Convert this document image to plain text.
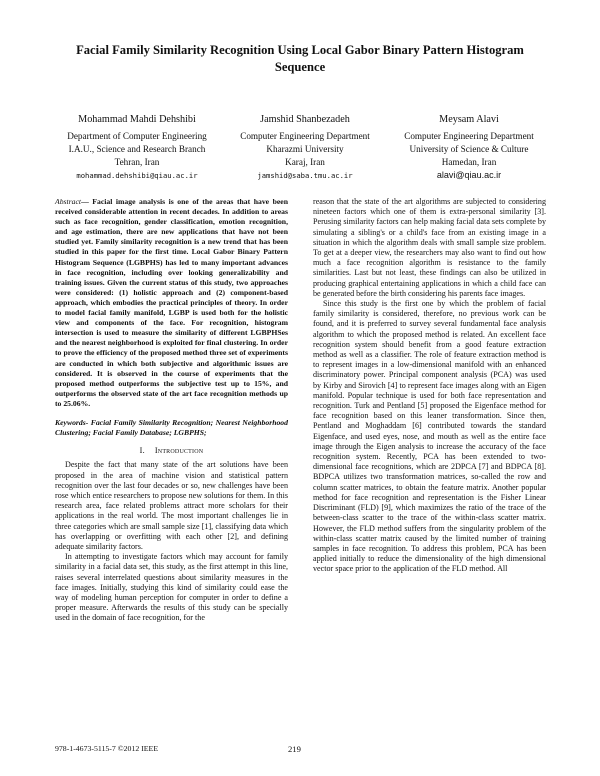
Facial Family Similarity Recognition Using Local Gabor Binary Pattern Histogram
Sequence
Mohammad Mahdi Dehshibi
Department of Computer Engineering
I.A.U., Science and Research Branch
Tehran, Iran
mohammad.dehshibi@qiau.ac.ir
Jamshid Shanbezadeh
Computer Engineering Department
Kharazmi University
Karaj, Iran
jamshid@saba.tmu.ac.ir
Meysam Alavi
Computer Engineering Department
University of Science & Culture
Hamedan, Iran
alavi@qiau.ac.ir

Abstract— Facial image analysis is one of the areas that have been received considerable attention in recent decades. In addition to areas such as face recognition, gender classification, emotion recognition, and age estimation, there are new applications that have not been studied yet. Family similarity recognition is a new trend that has been studied in this paper for the first time. Local Gabor Binary Pattern Histogram Sequence (LGBPHS) has led to many important advances in face recognition, including over looking generalizability and training issues. Given the current status of this study, two approaches were considered: (1) holistic approach and (2) component-based approach, which embodies the practical principles of theory. In order to model facial family manifold, LGBP is used both for the holistic view and components of the face. For recognition, histogram intersection is used to measure the similarity of different LGBPHSes and the nearest neighborhood is exploited for final clustering. In order to prove the efficiency of the proposed method three set of experiments are conducted in which both subjective and algorithmic issues are considered. It is observed in the course of experiments that the proposed method outperforms the subjective test up to 15%, and outperforms the observed state of the art face recognition methods up to 25.06%.

Keywords- Facial Family Similarity Recognition; Nearest Neighborhood Clustering; Facial Family Database; LGBPHS;

I. Introduction

Despite the fact that many state of the art solutions have been proposed in the area of machine vision and statistical pattern recognition over the last four decades or so, new challenges have been rose which entice researchers to propose new solutions for them. In this research area, face related problems attract more scholars for their applications in the real world. The most important challenges lie in three categories which are small sample size [1], classifying data which has overlapping or overfitting with each other [2], and defining adequate similarity factors.

In attempting to investigate factors which may account for family similarity in a facial data set, this study, as the first attempt in this line, raises several interrelated questions about similarity measures in the face images. Initially, studying this kind of similarity could ease the way of modeling human perception for computer in order to define a proper measure. Afterwards the results of this study can be specially used in the domain of face recognition, for the

reason that the state of the art algorithms are subjected to considering nineteen factors which one of them is extra-personal similarity [3]. Perusing similarity factors can help making facial data sets complete by simulating a sibling's or a child's face from an existing image in a situation in which the algorithm deals with small sample size problem. To get at a deeper view, the researchers may also want to find out how much a face recognition algorithm is resistance to the family similarities. Last but not least, these findings can also be utilized in producing graphical entertaining applications in which a child face can be generated before the birth considering his parents face images.

Since this study is the first one by which the problem of facial family similarity is considered, therefore, no previous work can be found, and it is preferred to survey several fundamental face analysis algorithm to which the proposed method is related. An excellent face recognition system should benefit from a good feature extraction method as well as a classifier. The role of feature extraction method is to represent images in a low-dimensional manifold with an enhanced discriminatory power. Principal component analysis (PCA) was used by Kirby and Sirovich [4] to represent face images along with an Eigen manifold. Popular technique is used for both face representation and recognition. Turk and Pentland [5] proposed the Eigenface method for face recognition based on this leaner transformation. Since then, Pentland and Moghaddam [6] contributed towards the standard Eigenface, and used eyes, nose, and mouth as well as the entire face image through the Eigen analysis to increase the accuracy of the face recognition system. Recently, PCA has been extended to two-dimensional face recognitions, which are 2DPCA [7] and BDPCA [8]. BDPCA utilizes two transformation matrices, so-called the row and column scatter matrices, to obtain the feature matrix. Another popular method for face recognition and representation is the Fisher Linear Discriminant (FLD) [9], which maximizes the ratio of the trace of the between-class scatter to the trace of the within-class scatter matrix. However, the FLD method suffers from the singularity problem of the within-class scatter matrix caused by the limited number of training samples in face recognition. To address this problem, PCA has been applied initially to reduce the dimensionality of the high dimensional vector space prior to the application of the FLD method. All

978-1-4673-5115-7 ©2012 IEEE	219
